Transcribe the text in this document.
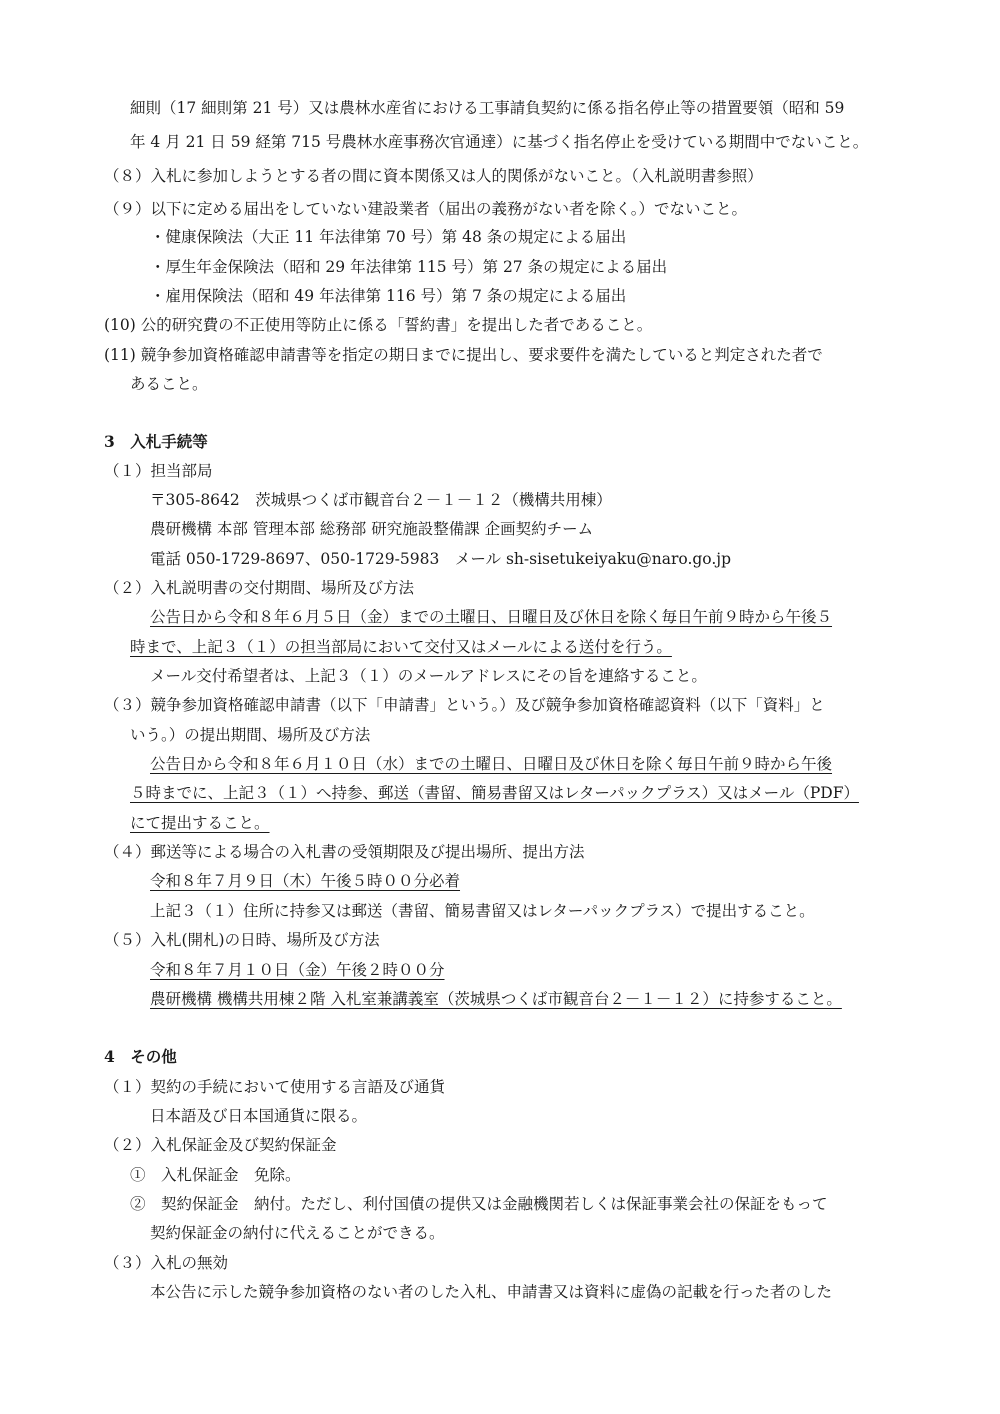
細則（17 細則第 21 号）又は農林水産省における工事請負契約に係る指名停止等の措置要領（昭和 59
年 4 月 21 日 59 経第 715 号農林水産事務次官通達）に基づく指名停止を受けている期間中でないこと。
（８）入札に参加しようとする者の間に資本関係又は人的関係がないこと。（入札説明書参照）
（９）以下に定める届出をしていない建設業者（届出の義務がない者を除く。）でないこと。
・健康保険法（大正 11 年法律第 70 号）第 48 条の規定による届出
・厚生年金保険法（昭和 29 年法律第 115 号）第 27 条の規定による届出
・雇用保険法（昭和 49 年法律第 116 号）第 7 条の規定による届出
(10) 公的研究費の不正使用等防止に係る「誓約書」を提出した者であること。
(11) 競争参加資格確認申請書等を指定の期日までに提出し、要求要件を満たしていると判定された者で
あること。
3　入札手続等
（１）担当部局
〒305-8642　茨城県つくば市観音台２－１－１２（機構共用棟）
農研機構 本部 管理本部 総務部 研究施設整備課 企画契約チーム
電話 050-1729-8697、050-1729-5983　メール sh-sisetukeiyaku@naro.go.jp
（２）入札説明書の交付期間、場所及び方法
公告日から令和８年６月５日（金）までの土曜日、日曜日及び休日を除く毎日午前９時から午後５
時まで、上記３（１）の担当部局において交付又はメールによる送付を行う。
メール交付希望者は、上記３（１）のメールアドレスにその旨を連絡すること。
（３）競争参加資格確認申請書（以下「申請書」という。）及び競争参加資格確認資料（以下「資料」と
いう。）の提出期間、場所及び方法
公告日から令和８年６月１０日（水）までの土曜日、日曜日及び休日を除く毎日午前９時から午後
５時までに、上記３（１）へ持参、郵送（書留、簡易書留又はレターパックプラス）又はメール（PDF）
にて提出すること。
（４）郵送等による場合の入札書の受領期限及び提出場所、提出方法
令和８年７月９日（木）午後５時００分必着
上記３（１）住所に持参又は郵送（書留、簡易書留又はレターパックプラス）で提出すること。
（５）入札(開札)の日時、場所及び方法
令和８年７月１０日（金）午後２時００分
農研機構 機構共用棟２階 入札室兼講義室（茨城県つくば市観音台２－１－１２）に持参すること。
4　その他
（１）契約の手続において使用する言語及び通貨
日本語及び日本国通貨に限る。
（２）入札保証金及び契約保証金
①　入札保証金　免除。
②　契約保証金　納付。ただし、利付国債の提供又は金融機関若しくは保証事業会社の保証をもって
契約保証金の納付に代えることができる。
（３）入札の無効
本公告に示した競争参加資格のない者のした入札、申請書又は資料に虚偽の記載を行った者のした
